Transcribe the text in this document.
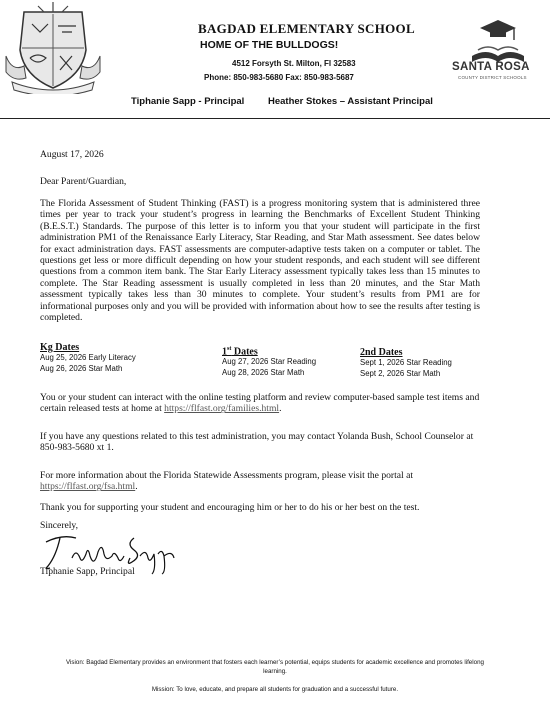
BAGDAD ELEMENTARY SCHOOL
HOME OF THE BULLDOGS!
4512 Forsyth St. Milton, Fl 32583
Phone: 850-983-5680 Fax: 850-983-5687
SANTA ROSA
COUNTY DISTRICT SCHOOLS
Tiphanie Sapp - Principal Heather Stokes – Assistant Principal
August 17, 2026
Dear Parent/Guardian,
The Florida Assessment of Student Thinking (FAST) is a progress monitoring system that is administered three times per year to track your student’s progress in learning the Benchmarks of Excellent Student Thinking (B.E.S.T.) Standards. The purpose of this letter is to inform you that your student will participate in the first administration PM1 of the Renaissance Early Literacy, Star Reading, and Star Math assessment. See dates below for exact administration days. FAST assessments are computer-adaptive tests taken on a computer or tablet. The questions get less or more difficult depending on how your student responds, and each student will see different questions from a common item bank. The Star Early Literacy assessment typically takes less than 15 minutes to complete. The Star Reading assessment is usually completed in less than 20 minutes, and the Star Math assessment typically takes less than 30 minutes to complete. Your student’s results from PM1 are for informational purposes only and you will be provided with information about how to see the results after testing is completed.
Kg Dates
Aug 25, 2026 Early Literacy
Aug 26, 2026 Star Math
1st Dates
Aug 27, 2026 Star Reading
Aug 28, 2026 Star Math
2nd Dates
Sept 1, 2026 Star Reading
Sept 2, 2026 Star Math
You or your student can interact with the online testing platform and review computer-based sample test items and certain released tests at home at https://flfast.org/families.html.
If you have any questions related to this test administration, you may contact Yolanda Bush, School Counselor at 850-983-5680 xt 1.
For more information about the Florida Statewide Assessments program, please visit the portal at https://flfast.org/fsa.html.
Thank you for supporting your student and encouraging him or her to do his or her best on the test.
Sincerely,
Tiphanie Sapp, Principal
Vision: Bagdad Elementary provides an environment that fosters each learner’s potential, equips students for academic excellence and promotes lifelong learning.
Mission: To love, educate, and prepare all students for graduation and a successful future.
